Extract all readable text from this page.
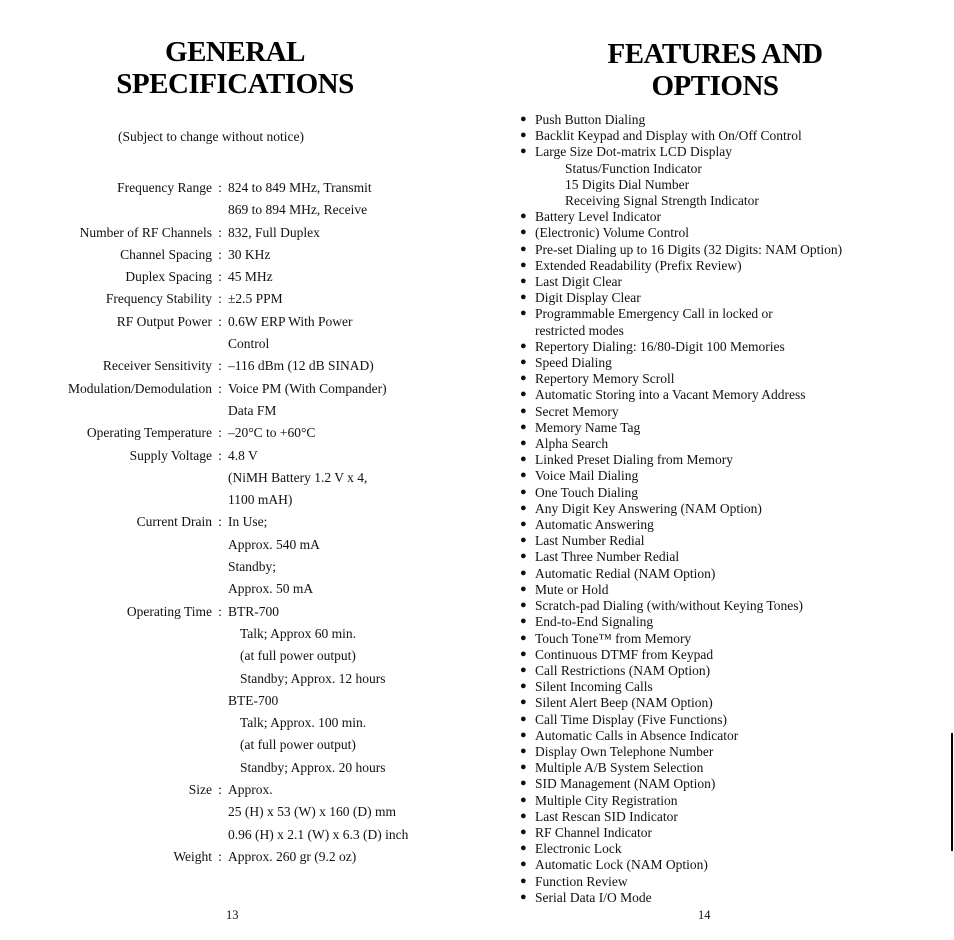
GENERAL
SPECIFICATIONS
(Subject to change without notice)
Frequency Range : 824 to 849 MHz, Transmit
869 to 894 MHz, Receive
Number of RF Channels : 832, Full Duplex
Channel Spacing : 30 KHz
Duplex Spacing : 45 MHz
Frequency Stability : ±2.5 PPM
RF Output Power : 0.6W ERP With Power
Control
Receiver Sensitivity : –116 dBm (12 dB SINAD)
Modulation/Demodulation : Voice PM (With Compander)
Data FM
Operating Temperature : –20°C to +60°C
Supply Voltage : 4.8 V
(NiMH Battery 1.2 V x 4,
1100 mAH)
Current Drain : In Use;
Approx. 540 mA
Standby;
Approx. 50 mA
Operating Time : BTR-700
Talk; Approx 60 min.
(at full power output)
Standby; Approx. 12 hours
BTE-700
Talk; Approx. 100 min.
(at full power output)
Standby; Approx. 20 hours
Size : Approx.
25 (H) x 53 (W) x 160 (D) mm
0.96 (H) x 2.1 (W) x 6.3 (D) inch
Weight : Approx. 260 gr (9.2 oz)
13
FEATURES AND
OPTIONS
● Push Button Dialing
● Backlit Keypad and Display with On/Off Control
● Large Size Dot-matrix LCD Display
Status/Function Indicator
15 Digits Dial Number
Receiving Signal Strength Indicator
● Battery Level Indicator
● (Electronic) Volume Control
● Pre-set Dialing up to 16 Digits (32 Digits: NAM Option)
● Extended Readability (Prefix Review)
● Last Digit Clear
● Digit Display Clear
● Programmable Emergency Call in locked or
restricted modes
● Repertory Dialing: 16/80-Digit 100 Memories
● Speed Dialing
● Repertory Memory Scroll
● Automatic Storing into a Vacant Memory Address
● Secret Memory
● Memory Name Tag
● Alpha Search
● Linked Preset Dialing from Memory
● Voice Mail Dialing
● One Touch Dialing
● Any Digit Key Answering (NAM Option)
● Automatic Answering
● Last Number Redial
● Last Three Number Redial
● Automatic Redial (NAM Option)
● Mute or Hold
● Scratch-pad Dialing (with/without Keying Tones)
● End-to-End Signaling
● Touch Tone™ from Memory
● Continuous DTMF from Keypad
● Call Restrictions (NAM Option)
● Silent Incoming Calls
● Silent Alert Beep (NAM Option)
● Call Time Display (Five Functions)
● Automatic Calls in Absence Indicator
● Display Own Telephone Number
● Multiple A/B System Selection
● SID Management (NAM Option)
● Multiple City Registration
● Last Rescan SID Indicator
● RF Channel Indicator
● Electronic Lock
● Automatic Lock (NAM Option)
● Function Review
● Serial Data I/O Mode
14
